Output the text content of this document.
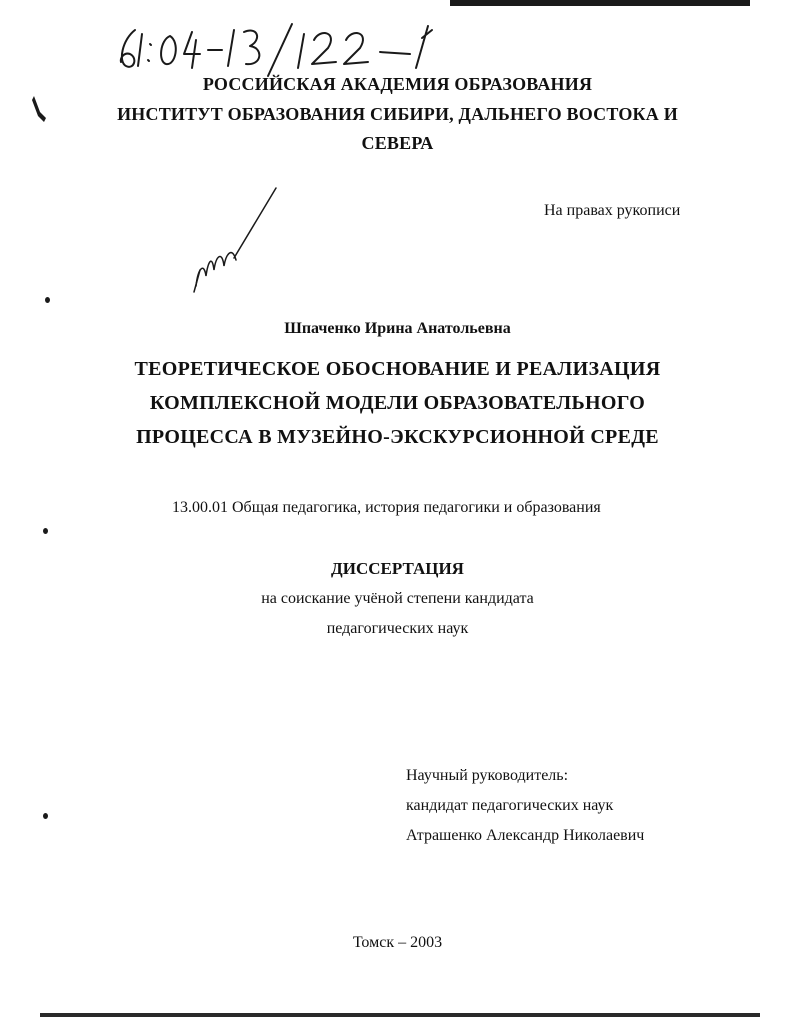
РОССИЙСКАЯ АКАДЕМИЯ ОБРАЗОВАНИЯ
ИНСТИТУТ ОБРАЗОВАНИЯ СИБИРИ, ДАЛЬНЕГО ВОСТОКА И
СЕВЕРА
На правах рукописи
Шпаченко Ирина Анатольевна
ТЕОРЕТИЧЕСКОЕ ОБОСНОВАНИЕ И РЕАЛИЗАЦИЯ
КОМПЛЕКСНОЙ МОДЕЛИ ОБРАЗОВАТЕЛЬНОГО
ПРОЦЕССА В МУЗЕЙНО-ЭКСКУРСИОННОЙ СРЕДЕ
13.00.01 Общая педагогика, история педагогики и образования
ДИССЕРТАЦИЯ
на соискание учёной степени кандидата
педагогических наук
Научный руководитель:
кандидат педагогических наук
Атрашенко Александр Николаевич
Томск – 2003
